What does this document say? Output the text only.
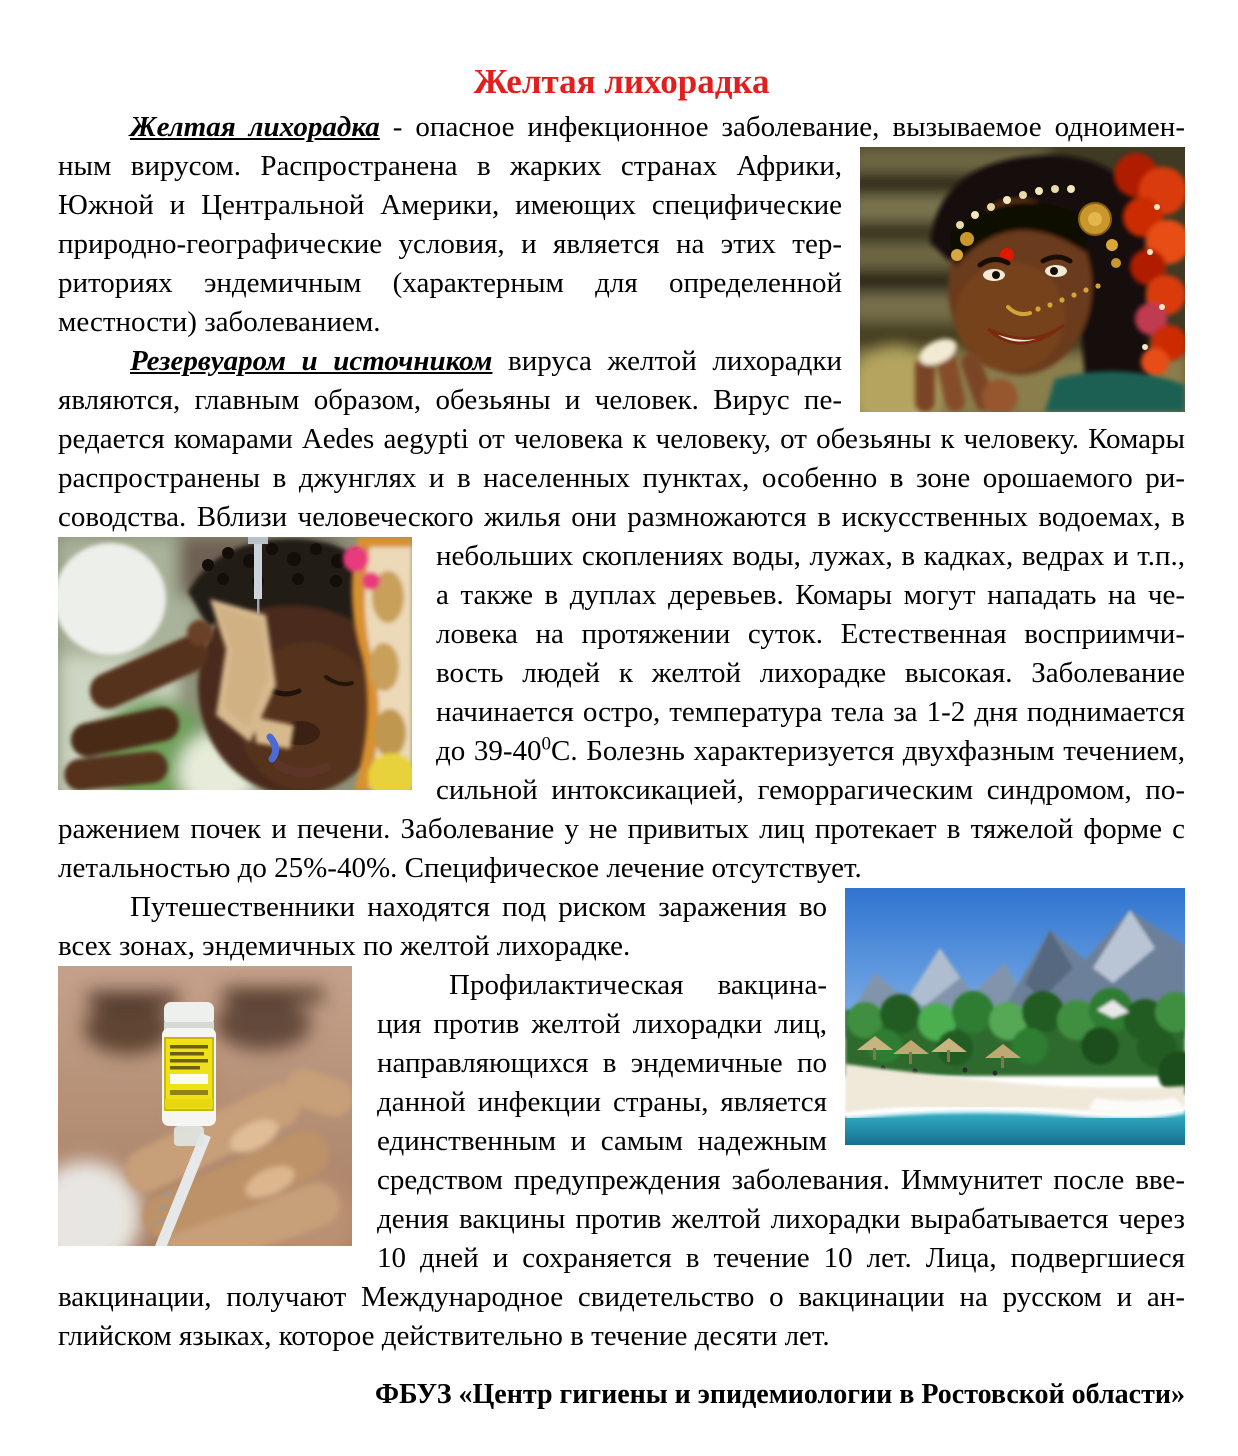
Желтая лихорадка

Желтая лихорадка - опасное инфекционное заболевание, вызываемое одноимен-
ным вирусом. Распространена в жарких странах Африки, Южной и Центральной Америки, имеющих специфические природно-географические условия, и является на этих территориях эндемичным (характерным для определенной местности) заболеванием.

Резервуаром и источником вируса желтой лихорадки являются, главным образом, обезьяны и человек. Вирус передается комарами Aedes aegypti от человека к человеку, от обезьяны к человеку. Комары распространены в джунглях и в населенных пунктах, особенно в зоне орошаемого рисоводства. Вблизи человеческого жилья они размножаются в искусственных водоемах, в
небольших скоплениях воды, лужах, в кадках, ведрах и т.п., а также в дуплах деревьев. Комары могут нападать на человека на протяжении суток. Естественная восприимчивость людей к желтой лихорадке высокая. Заболевание начинается остро, температура тела за 1-2 дня поднимается до $39-40^0С$. Болезнь характеризуется двухфазным течением, сильной интоксикацией, геморрагическим синдромом, поражением почек и печени. Заболевание у не привитых лиц протекает в тяжелой форме с летальностью до 25%-40%. Специфическое лечение отсутствует.

Путешественники находятся под риском заражения во всех зонах, эндемичных по желтой лихорадке.

Профилактическая вакцинация против желтой лихорадки лиц, направляющихся в эндемичные по данной инфекции страны, является единственным и самым надежным средством предупреждения заболевания. Иммунитет после введения вакцины против желтой лихорадки вырабатывается через 10 дней и сохраняется в течение 10 лет. Лица, подвергшиеся вакцинации, получают Международное свидетельство о вакцинации на русском и английском языках, которое действительно в течение десяти лет.

ФБУЗ «Центр гигиены и эпидемиологии в Ростовской области»
